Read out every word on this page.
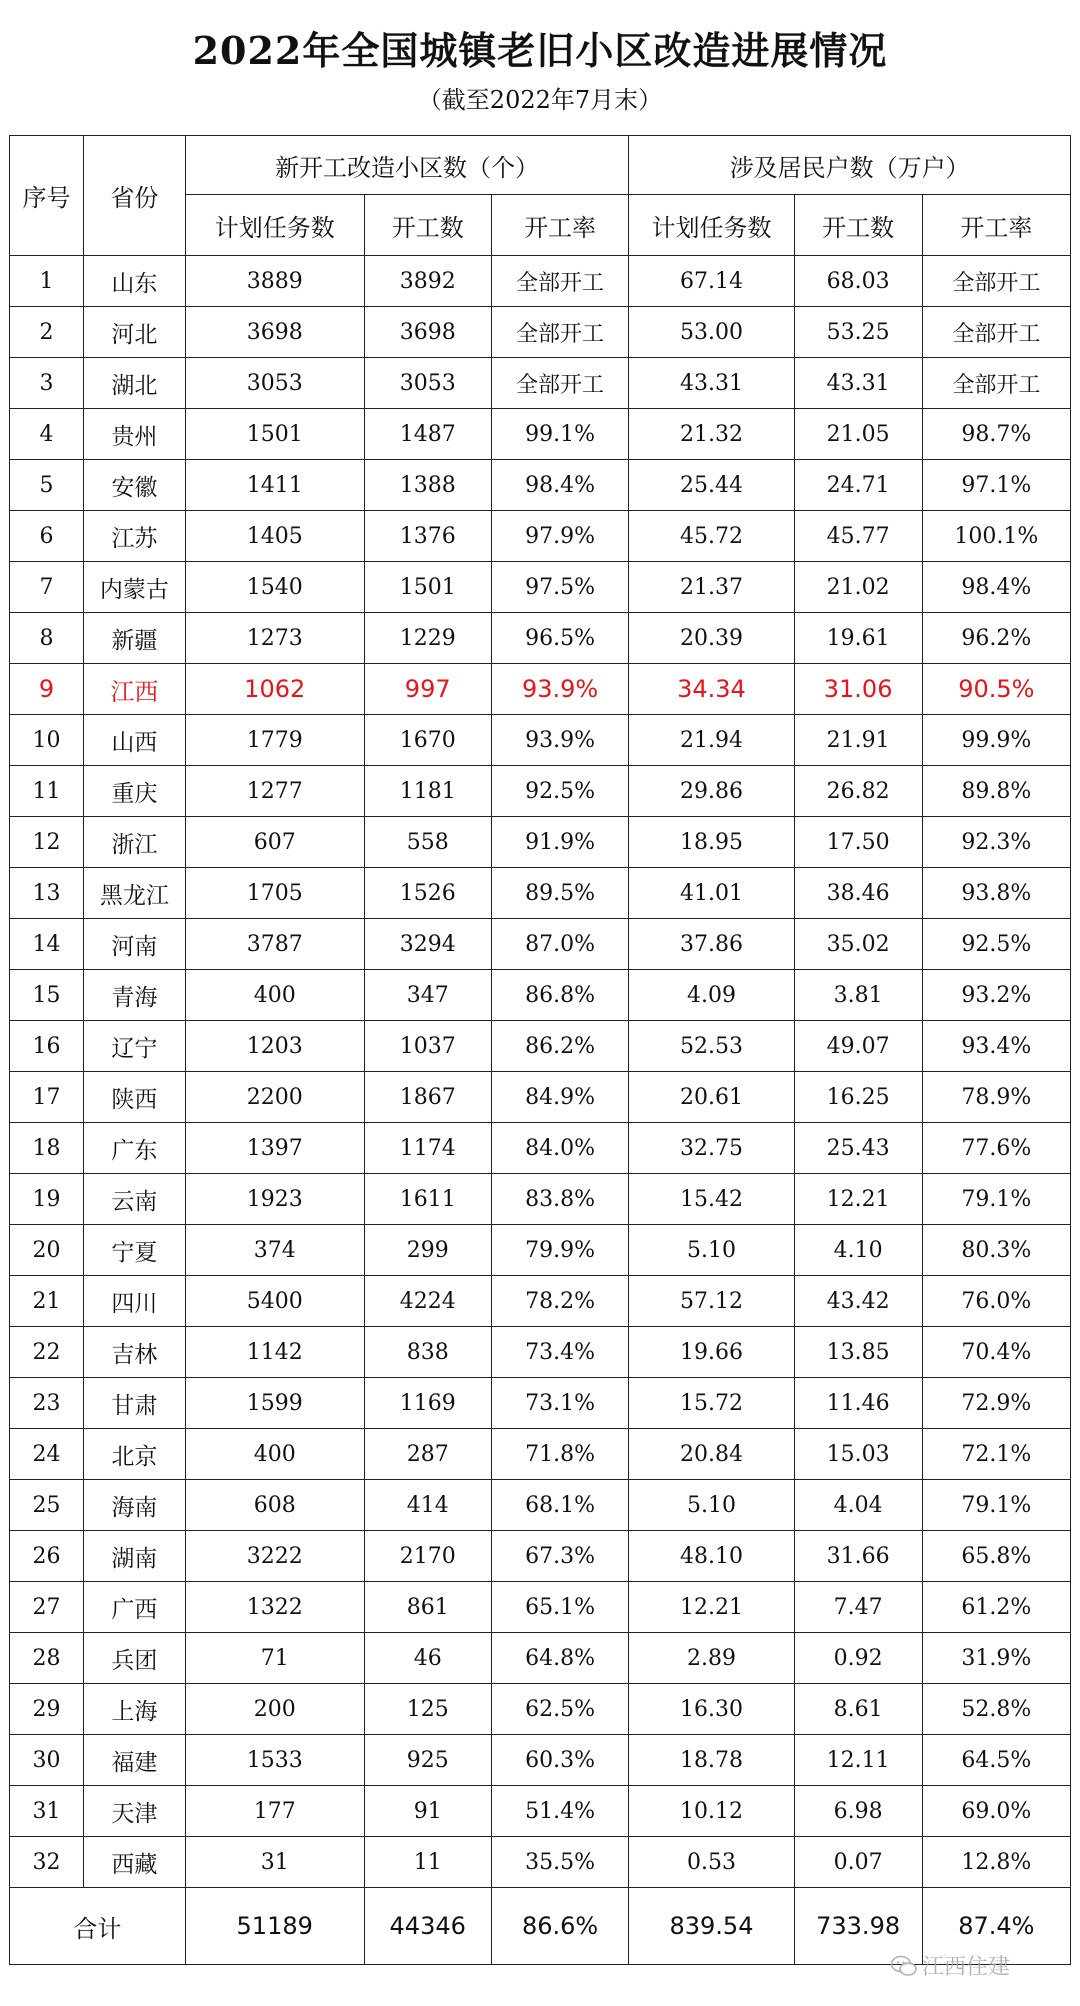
2022年全国城镇老旧小区改造进展情况
（截至2022年7月末）
序号	省份	新开工改造小区数（个）			涉及居民户数（万户）		
		计划任务数	开工数	开工率	计划任务数	开工数	开工率
1	山东	3889	3892	全部开工	67.14	68.03	全部开工
2	河北	3698	3698	全部开工	53.00	53.25	全部开工
3	湖北	3053	3053	全部开工	43.31	43.31	全部开工
4	贵州	1501	1487	99.1%	21.32	21.05	98.7%
5	安徽	1411	1388	98.4%	25.44	24.71	97.1%
6	江苏	1405	1376	97.9%	45.72	45.77	100.1%
7	内蒙古	1540	1501	97.5%	21.37	21.02	98.4%
8	新疆	1273	1229	96.5%	20.39	19.61	96.2%
9	江西	1062	997	93.9%	34.34	31.06	90.5%
10	山西	1779	1670	93.9%	21.94	21.91	99.9%
11	重庆	1277	1181	92.5%	29.86	26.82	89.8%
12	浙江	607	558	91.9%	18.95	17.50	92.3%
13	黑龙江	1705	1526	89.5%	41.01	38.46	93.8%
14	河南	3787	3294	87.0%	37.86	35.02	92.5%
15	青海	400	347	86.8%	4.09	3.81	93.2%
16	辽宁	1203	1037	86.2%	52.53	49.07	93.4%
17	陕西	2200	1867	84.9%	20.61	16.25	78.9%
18	广东	1397	1174	84.0%	32.75	25.43	77.6%
19	云南	1923	1611	83.8%	15.42	12.21	79.1%
20	宁夏	374	299	79.9%	5.10	4.10	80.3%
21	四川	5400	4224	78.2%	57.12	43.42	76.0%
22	吉林	1142	838	73.4%	19.66	13.85	70.4%
23	甘肃	1599	1169	73.1%	15.72	11.46	72.9%
24	北京	400	287	71.8%	20.84	15.03	72.1%
25	海南	608	414	68.1%	5.10	4.04	79.1%
26	湖南	3222	2170	67.3%	48.10	31.66	65.8%
27	广西	1322	861	65.1%	12.21	7.47	61.2%
28	兵团	71	46	64.8%	2.89	0.92	31.9%
29	上海	200	125	62.5%	16.30	8.61	52.8%
30	福建	1533	925	60.3%	18.78	12.11	64.5%
31	天津	177	91	51.4%	10.12	6.98	69.0%
32	西藏	31	11	35.5%	0.53	0.07	12.8%
合计		51189	44346	86.6%	839.54	733.98	87.4%
江西住建
